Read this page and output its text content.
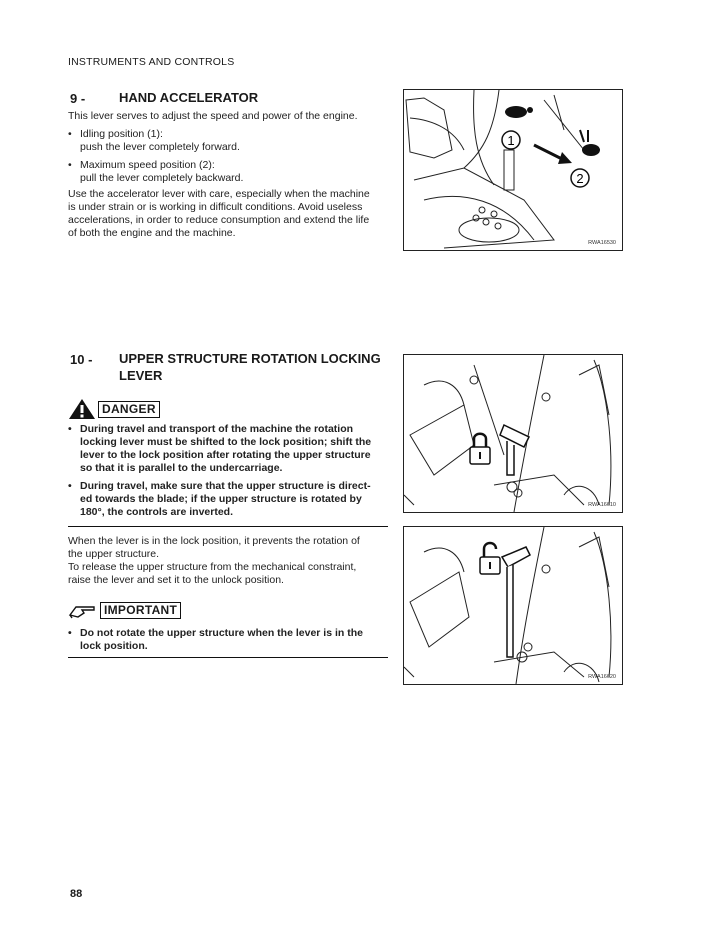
INSTRUMENTS AND CONTROLS
9 -	HAND ACCELERATOR
This lever serves to adjust the speed and power of the engine.
• Idling position (1):
push the lever completely forward.
• Maximum speed position (2):
pull the lever completely backward.
Use the accelerator lever with care, especially when the machine
is under strain or is working in difficult conditions. Avoid useless
accelerations, in order to reduce consumption and extend the life
of both the engine and the machine.
1
2
RWA16530
10 - UPPER STRUCTURE ROTATION LOCKING
LEVER
DANGER
• During travel and transport of the machine the rotation
locking lever must be shifted to the lock position; shift the
lever to the lock position after rotating the upper structure
so that it is parallel to the undercarriage.
• During travel, make sure that the upper structure is direct-
ed towards the blade; if the upper structure is rotated by
180°, the controls are inverted.
When the lever is in the lock position, it prevents the rotation of
the upper structure.
To release the upper structure from the mechanical constraint,
raise the lever and set it to the unlock position.
IMPORTANT
• Do not rotate the upper structure when the lever is in the
lock position.
RWA16610
RWA16620
88
